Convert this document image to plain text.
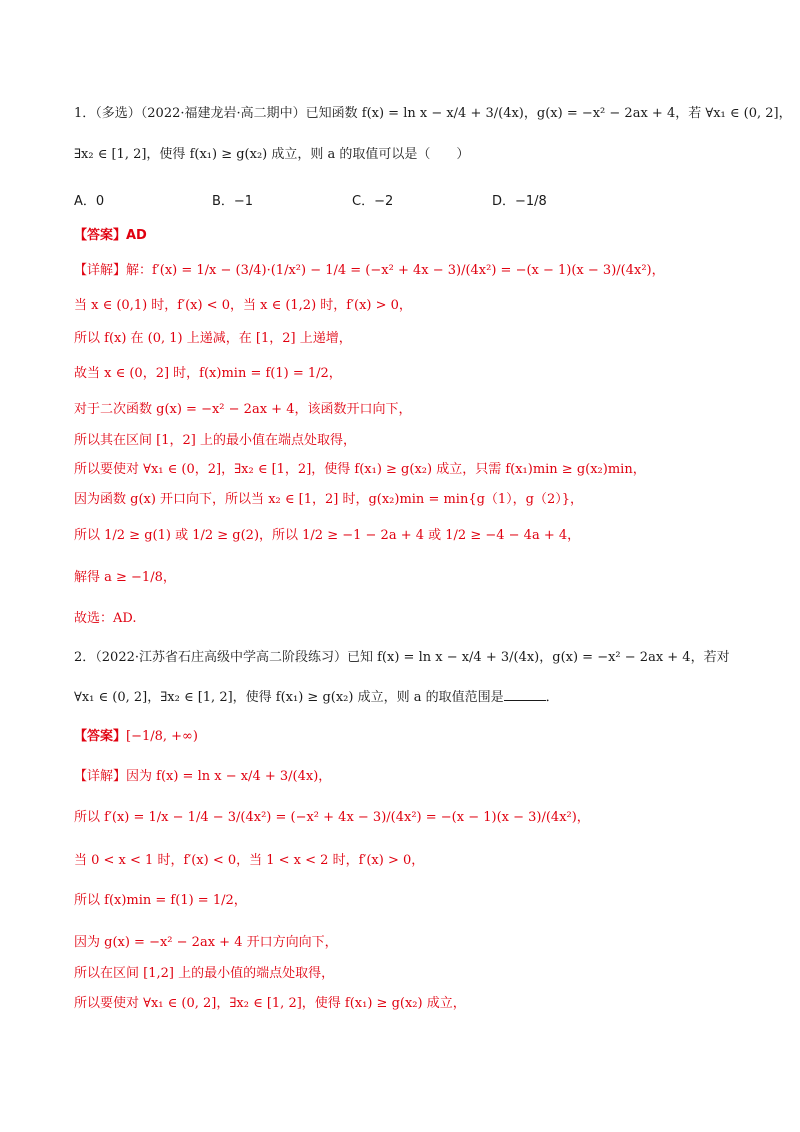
1．（多选）（2022·福建龙岩·高二期中）已知函数 f(x) = ln x − x/4 + 3/(4x)，g(x) = −x² − 2ax + 4，若 ∀x₁ ∈ (0, 2]，
∃x₂ ∈ [1, 2]，使得 f(x₁) ≥ g(x₂) 成立，则 a 的取值可以是（　　）
A．0	B．−1	C．−2	D．−1/8
【答案】AD
【详解】解：f′(x) = 1/x − (3/4)·(1/x²) − 1/4 = (−x² + 4x − 3)/(4x²) = −(x − 1)(x − 3)/(4x²)，
当 x ∈ (0,1) 时，f′(x) < 0，当 x ∈ (1,2) 时，f′(x) > 0，
所以 f(x) 在 (0, 1) 上递减，在 [1，2] 上递增，
故当 x ∈ (0，2] 时，f(x)min = f(1) = 1/2，
对于二次函数 g(x) = −x² − 2ax + 4，该函数开口向下，
所以其在区间 [1，2] 上的最小值在端点处取得，
所以要使对 ∀x₁ ∈ (0，2]，∃x₂ ∈ [1，2]，使得 f(x₁) ≥ g(x₂) 成立，只需 f(x₁)min ≥ g(x₂)min，
因为函数 g(x) 开口向下，所以当 x₂ ∈ [1，2] 时，g(x₂)min = min{g（1），g（2）}，
所以 1/2 ≥ g(1) 或 1/2 ≥ g(2)，所以 1/2 ≥ −1 − 2a + 4 或 1/2 ≥ −4 − 4a + 4，
解得 a ≥ −1/8，
故选：AD.
2．（2022·江苏省石庄高级中学高二阶段练习）已知 f(x) = ln x − x/4 + 3/(4x)，g(x) = −x² − 2ax + 4，若对
∀x₁ ∈ (0, 2]，∃x₂ ∈ [1, 2]，使得 f(x₁) ≥ g(x₂) 成立，则 a 的取值范围是	．
【答案】[−1/8, +∞)
【详解】因为 f(x) = ln x − x/4 + 3/(4x)，
所以 f′(x) = 1/x − 1/4 − 3/(4x²) = (−x² + 4x − 3)/(4x²) = −(x − 1)(x − 3)/(4x²)，
当 0 < x < 1 时，f′(x) < 0，当 1 < x < 2 时，f′(x) > 0，
所以 f(x)min = f(1) = 1/2，
因为 g(x) = −x² − 2ax + 4 开口方向向下，
所以在区间 [1,2] 上的最小值的端点处取得，
所以要使对 ∀x₁ ∈ (0, 2]，∃x₂ ∈ [1, 2]，使得 f(x₁) ≥ g(x₂) 成立，
